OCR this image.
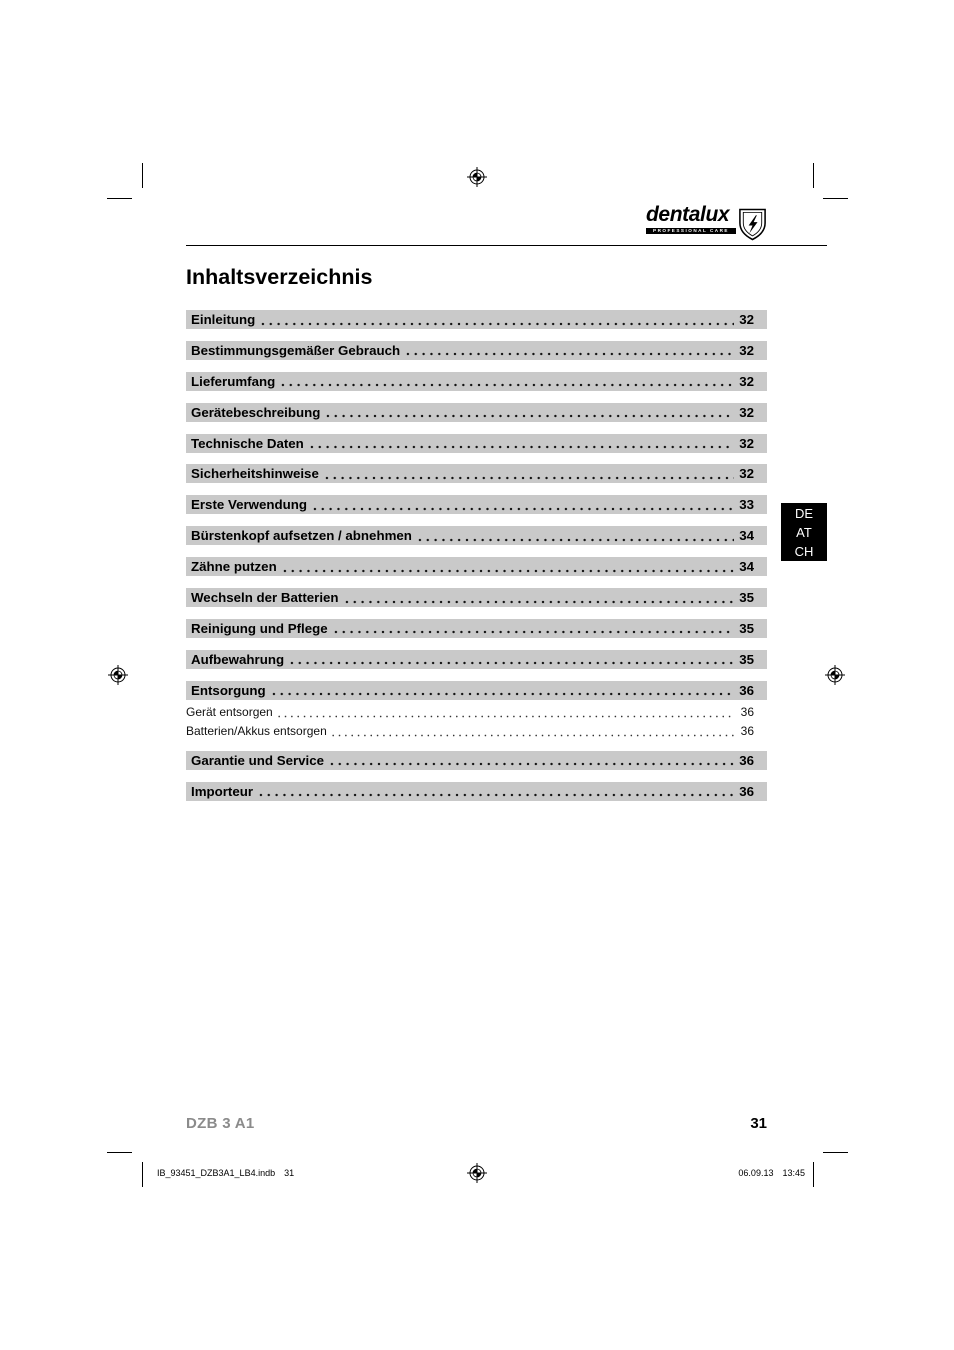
dentalux
PROFESSIONAL CARE
Inhaltsverzeichnis
Einleitung	32
Bestimmungsgemäßer Gebrauch	32
Lieferumfang	32
Gerätebeschreibung	32
Technische Daten	32
Sicherheitshinweise	32
Erste Verwendung	33
Bürstenkopf aufsetzen / abnehmen	34
Zähne putzen	34
Wechseln der Batterien	35
Reinigung und Pflege	35
Aufbewahrung	35
Entsorgung	36
Gerät entsorgen	36
Batterien/Akkus entsorgen	36
Garantie und Service	36
Importeur	36
DE
AT
CH
DZB 3 A1	31
IB_93451_DZB3A1_LB4.indb 31	06.09.13 13:45
